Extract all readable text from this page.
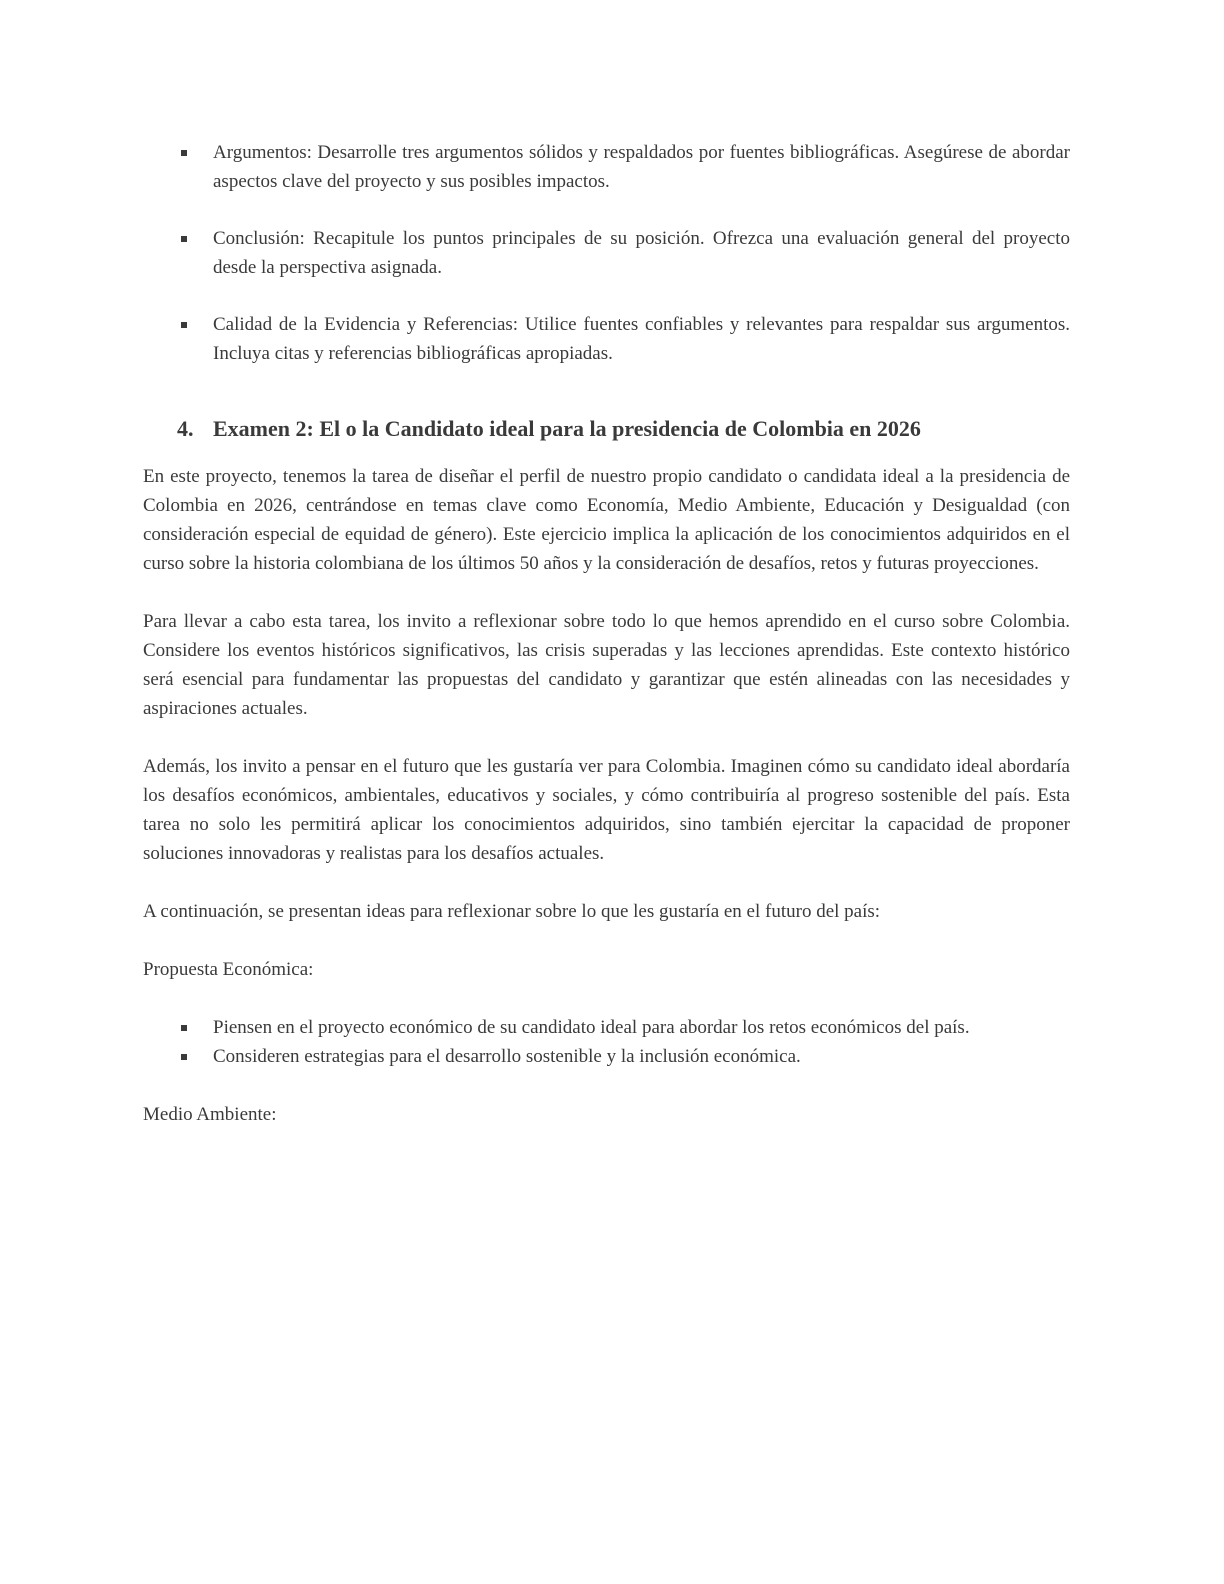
Argumentos: Desarrolle tres argumentos sólidos y respaldados por fuentes bibliográficas. Asegúrese de abordar aspectos clave del proyecto y sus posibles impactos.
Conclusión: Recapitule los puntos principales de su posición. Ofrezca una evaluación general del proyecto desde la perspectiva asignada.
Calidad de la Evidencia y Referencias: Utilice fuentes confiables y relevantes para respaldar sus argumentos. Incluya citas y referencias bibliográficas apropiadas.
4. Examen 2: El o la Candidato ideal para la presidencia de Colombia en 2026

En este proyecto, tenemos la tarea de diseñar el perfil de nuestro propio candidato o candidata ideal a la presidencia de Colombia en 2026, centrándose en temas clave como Economía, Medio Ambiente, Educación y Desigualdad (con consideración especial de equidad de género). Este ejercicio implica la aplicación de los conocimientos adquiridos en el curso sobre la historia colombiana de los últimos 50 años y la consideración de desafíos, retos y futuras proyecciones.

Para llevar a cabo esta tarea, los invito a reflexionar sobre todo lo que hemos aprendido en el curso sobre Colombia. Considere los eventos históricos significativos, las crisis superadas y las lecciones aprendidas. Este contexto histórico será esencial para fundamentar las propuestas del candidato y garantizar que estén alineadas con las necesidades y aspiraciones actuales.

Además, los invito a pensar en el futuro que les gustaría ver para Colombia. Imaginen cómo su candidato ideal abordaría los desafíos económicos, ambientales, educativos y sociales, y cómo contribuiría al progreso sostenible del país. Esta tarea no solo les permitirá aplicar los conocimientos adquiridos, sino también ejercitar la capacidad de proponer soluciones innovadoras y realistas para los desafíos actuales.

A continuación, se presentan ideas para reflexionar sobre lo que les gustaría en el futuro del país:

Propuesta Económica:

Piensen en el proyecto económico de su candidato ideal para abordar los retos económicos del país.
Consideren estrategias para el desarrollo sostenible y la inclusión económica.

Medio Ambiente:
